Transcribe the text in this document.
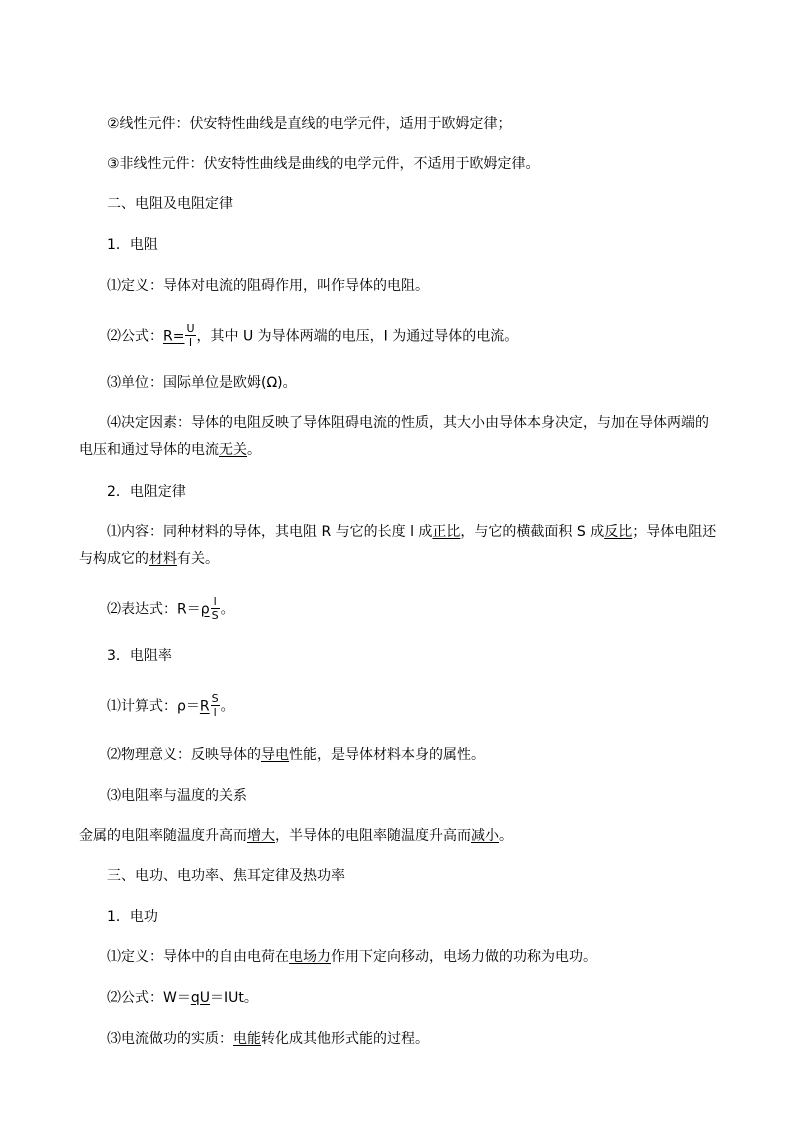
②线性元件：伏安特性曲线是直线的电学元件，适用于欧姆定律；
③非线性元件：伏安特性曲线是曲线的电学元件，不适用于欧姆定律。
二、电阻及电阻定律
1．电阻
⑴定义：导体对电流的阻碍作用，叫作导体的电阻。
⑵公式：$R= \frac{U}{I}$ ，其中 U 为导体两端的电压，I 为通过导体的电流。
⑶单位：国际单位是欧姆(Ω)。
⑷决定因素：导体的电阻反映了导体阻碍电流的性质，其大小由导体本身决定，与加在导体两端的
电压和通过导体的电流无关。
2．电阻定律
⑴内容：同种材料的导体，其电阻 R 与它的长度 l 成正比，与它的横截面积 S 成反比；导体电阻还
与构成它的材料有关。
⑵表达式：$R=\rho \frac{l}{S}$ 。
3．电阻率
⑴计算式：$\rho=R \frac{S}{l}$ 。
⑵物理意义：反映导体的导电性能，是导体材料本身的属性。
⑶电阻率与温度的关系
金属的电阻率随温度升高而增大，半导体的电阻率随温度升高而减小。
三、电功、电功率、焦耳定律及热功率
1．电功
⑴定义：导体中的自由电荷在电场力作用下定向移动，电场力做的功称为电功。
⑵公式：W＝qU＝IUt。
⑶电流做功的实质：电能转化成其他形式能的过程。
